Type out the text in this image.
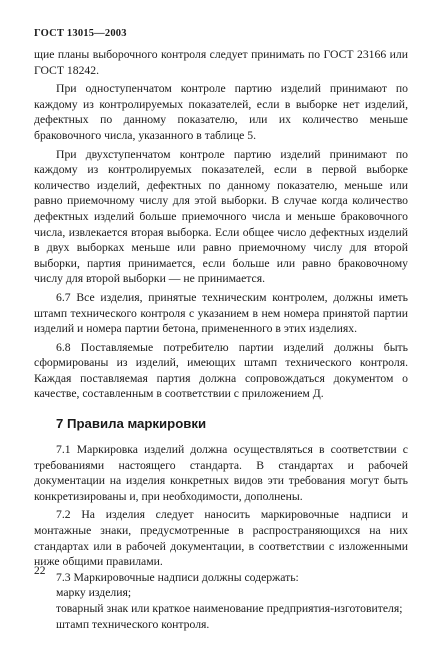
ГОСТ 13015—2003

щие планы выборочного контроля следует принимать по ГОСТ 23166 или ГОСТ 18242.

При одноступенчатом контроле партию изделий принимают по каждому из контролируемых показателей, если в выборке нет изделий, дефектных по данному показателю, или их количество меньше браковочного числа, указанного в таблице 5.

При двухступенчатом контроле партию изделий принимают по каждому из контролируемых показателей, если в первой выборке количество изделий, дефектных по данному показателю, меньше или равно приемочному числу для этой выборки. В случае когда количество дефектных изделий больше приемочного числа и меньше браковочного числа, извлекается вторая выборка. Если общее число дефектных изделий в двух выборках меньше или равно приемочному числу для второй выборки, партия принимается, если больше или равно браковочному числу для второй выборки — не принимается.

6.7 Все изделия, принятые техническим контролем, должны иметь штамп технического контроля с указанием в нем номера принятой партии изделий и номера партии бетона, примененного в этих изделиях.

6.8 Поставляемые потребителю партии изделий должны быть сформированы из изделий, имеющих штамп технического контроля. Каждая поставляемая партия должна сопровождаться документом о качестве, составленным в соответствии с приложением Д.

7 Правила маркировки

7.1 Маркировка изделий должна осуществляться в соответствии с требованиями настоящего стандарта. В стандартах и рабочей документации на изделия конкретных видов эти требования могут быть конкретизированы и, при необходимости, дополнены.

7.2 На изделия следует наносить маркировочные надписи и монтажные знаки, предусмотренные в распространяющихся на них стандартах или в рабочей документации, в соответствии с изложенными ниже общими правилами.

7.3 Маркировочные надписи должны содержать:

марку изделия;

товарный знак или краткое наименование предприятия-изготовителя;

штамп технического контроля.

22
